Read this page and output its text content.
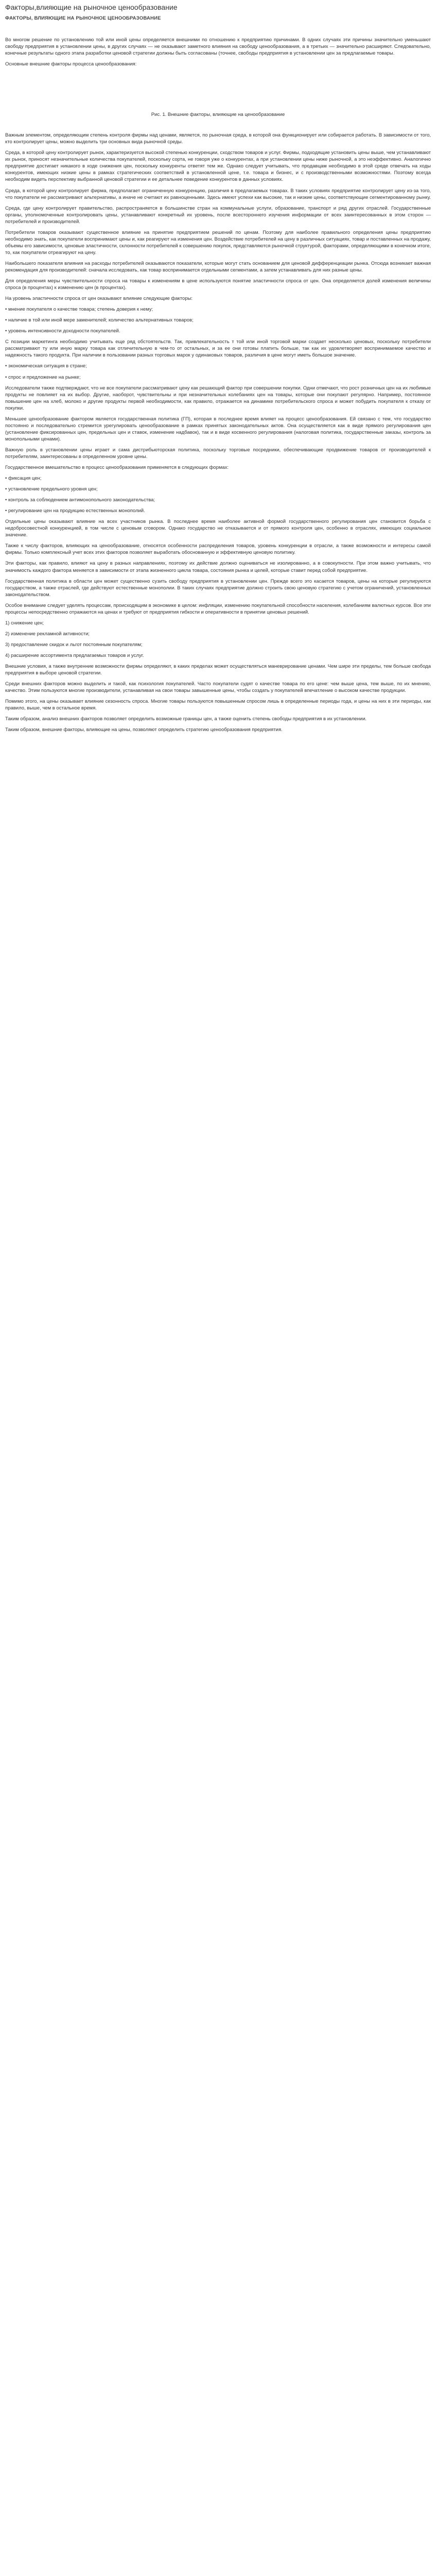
Факторы,влияющие на рыночное ценообразование
ФАКТОРЫ, ВЛИЯЮЩИЕ НА РЫНОЧНОЕ ЦЕНООБРАЗОВАНИЕ

Во многом решение по установлению той или иной цены определяется внешними по отношению к предприятию причинами. В одних случаях эти причины значительно уменьшают свободу предприятия в установлении цены, в других случаях — не оказывают заметного влияния на свободу ценообразования, а в третьих — значительно расширяют. Следовательно, конечные результаты одного этапа разработки ценовой стратегии должны быть согласованы (точнее, свободы предприятия в установлении цен за предлагаемые товары.

Основные внешние факторы процесса ценообразования:

Рис. 1. Внешние факторы, влияющие на ценообразование

Важным элементом, определяющим степень контроля фирмы над ценами, является, по рыночная среда, в которой она функционирует или собирается работать. В зависимости от того, кто контролирует цены, можно выделить три основных вида рыночной среды.

Среда, в которой цену контролирует рынок, характеризуется высокой степенью конкуренции, сходством товаров и услуг. Фирмы, подходящие установить цены выше, чем устанавливают их рынок, приносят незначительные количества покупателей, поскольку сорта, не говоря уже о конкурентах, а при установлении цены ниже рыночной, а это неэффективно. Аналогично предприятие достигает никакого в ходе снижения цен, поскольку конкуренты ответят тем же. Однако следует учитывать, что продавцам необходимо в этой среде отвечать на ходы конкурентов, имеющих низкие цены в рамках стратегических соответствий в установленной цене, т.е. товара и бизнес, и с производственными возможностями. Поэтому всегда необходим видеть перспективу выбранной ценовой стратегии и ее детальнее поведение конкурентов в данных условиях.

Среда, в которой цену контролирует фирма, предполагает ограниченную конкуренцию, различия в предлагаемых товарах. В таких условиях предприятие контролирует цену из-за того, что покупатели не рассматривают альтернативы, а иначе не считают их равноценными. Здесь имеют успехи как высокие, так и низкие цены, соответствующие сегментированному рынку.

Среда, где цену контролирует правительство, распространяется в большинстве стран на коммунальные услуги, образование, транспорт и ряд других отраслей. Государственные органы, уполномоченные контролировать цены, устанавливают конкретный их уровень, после всестороннего изучения информации от всех заинтересованных в этом сторон — потребителей и производителей.

Потребители товаров оказывают существенное влияние на принятие предприятием решений по ценам. Поэтому для наиболее правильного определения цены предприятию необходимо знать, как покупатели воспринимают цены и, как реагируют на изменения цен. Воздействие потребителей на цену в различных ситуациях, товар и поставленных на продажу, объемы его зависимости, ценовые эластичности, склонности потребителей к совершению покупок, представляются рыночной структурой, факторами, определяющими в конечном итоге, то, как покупатели отреагируют на цену.

Наибольшего показателя влияния на расходы потребителей оказываются показатели, которые могут стать основанием для ценовой дифференциации рынка. Отсюда возникает важная рекомендация для производителей: сначала исследовать, как товар воспринимается отдельными сегментами, а затем устанавливать для них разные цены.

Для определения меры чувствительности спроса на товары к изменениям в цене используются понятие эластичности спроса от цен. Она определяется долей изменения величины спроса (в процентах) к изменению цен (в процентах).

На уровень эластичности спроса от цен оказывают влияние следующие факторы:

• мнение покупателя о качестве товара; степень доверия к нему;
• наличие в той или иной мере заменителей; количество альтернативных товаров;
• уровень интенсивности доходности покупателей.

С позиции маркетинга необходимо учитывать еще ряд обстоятельств. Так, привлекательность т той или иной торговой марки создает несколько ценовых, поскольку потребители рассматривают ту или иную марку товара как отличительную в чем-то от остальных, и за ее они готовы платить больше, так как их удовлетворяет воспринимаемое качество и надежность такого продукта. При наличии в пользовании разных торговых марок у одинаковых товаров, различия в цене могут иметь большое значение.

• экономическая ситуация в стране;

• спрос и предложение на рынке;

Исследователи также подтверждают, что не все покупатели рассматривают цену как решающий фактор при совершении покупки. Одни отмечают, что рост розничных цен на их любимые продукты не повлияет на их выбор. Другие, наоборот, чувствительны и при незначительных колебаниях цен на товары, которые они покупают регулярно. Например, постоянное повышение цен на хлеб, молоко и другие продукты первой необходимости, как правило, отражается на динамике потребительского спроса и может побудить покупателя к отказу от покупки.

Меньшее ценообразование фактором является государственная политика (ГП), которая в последнее время влияет на процесс ценообразования. Ей связано с тем, что государство постоянно и последовательно стремится урегулировать ценообразование в рамках принятых законодательных актов. Она осуществляется как в виде прямого регулирования цен (установление фиксированных цен, предельных цен и ставок, изменение надбавок), так и в виде косвенного регулирования (налоговая политика, государственные заказы, контроль за монопольными ценами).

Важную роль в установлении цены играет и сама дистрибьюторская политика, поскольку торговые посредники, обеспечивающие продвижение товаров от производителей к потребителям, заинтересованы в определенном уровне цены.

Государственное вмешательство в процесс ценообразования применяется в следующих формах:

• фиксация цен;

• установление предельного уровня цен;

• контроль за соблюдением антимонопольного законодательства;

• регулирование цен на продукцию естественных монополий.

Отдельные цены оказывают влияние на всех участников рынка. В последнее время наиболее активной формой государственного регулирования цен становится борьба с недобросовестной конкуренцией, в том числе с ценовым сговором. Однако государство не отказывается и от прямого контроля цен, особенно в отраслях, имеющих социальное значение.

Также к числу факторов, влияющих на ценообразование, относятся особенности распределения товаров, уровень конкуренции в отрасли, а также возможности и интересы самой фирмы. Только комплексный учет всех этих факторов позволяет выработать обоснованную и эффективную ценовую политику.

Эти факторы, как правило, влияют на цену в разных направлениях, поэтому их действие должно оцениваться не изолированно, а в совокупности. При этом важно учитывать, что значимость каждого фактора меняется в зависимости от этапа жизненного цикла товара, состояния рынка и целей, которые ставит перед собой предприятие.

Государственная политика в области цен может существенно сузить свободу предприятия в установлении цен. Прежде всего это касается товаров, цены на которые регулируются государством, а также отраслей, где действуют естественные монополии. В таких случаях предприятие должно строить свою ценовую стратегию с учетом ограничений, установленных законодательством.

Особое внимание следует уделять процессам, происходящим в экономике в целом: инфляции, изменению покупательной способности населения, колебаниям валютных курсов. Все эти процессы непосредственно отражаются на ценах и требуют от предприятия гибкости и оперативности в принятии ценовых решений.

1) снижение цен;
2) изменение рекламной активности;
3) предоставление скидок и льгот постоянным покупателям;
4) расширение ассортимента предлагаемых товаров и услуг.

Внешние условия, а также внутренние возможности фирмы определяют, в каких пределах может осуществляться маневрирование ценами. Чем шире эти пределы, тем больше свобода предприятия в выборе ценовой стратегии.

Среди внешних факторов можно выделить и такой, как психология покупателей. Часто покупатели судят о качестве товара по его цене: чем выше цена, тем выше, по их мнению, качество. Этим пользуются многие производители, устанавливая на свои товары завышенные цены, чтобы создать у покупателей впечатление о высоком качестве продукции.

Помимо этого, на цены оказывает влияние сезонность спроса. Многие товары пользуются повышенным спросом лишь в определенные периоды года, и цены на них в эти периоды, как правило, выше, чем в остальное время.

Таким образом, анализ внешних факторов позволяет определить возможные границы цен, а также оценить степень свободы предприятия в их установлении.

Таким образом, внешние факторы, влияющие на цены, позволяют определить стратегию ценообразования предприятия.
